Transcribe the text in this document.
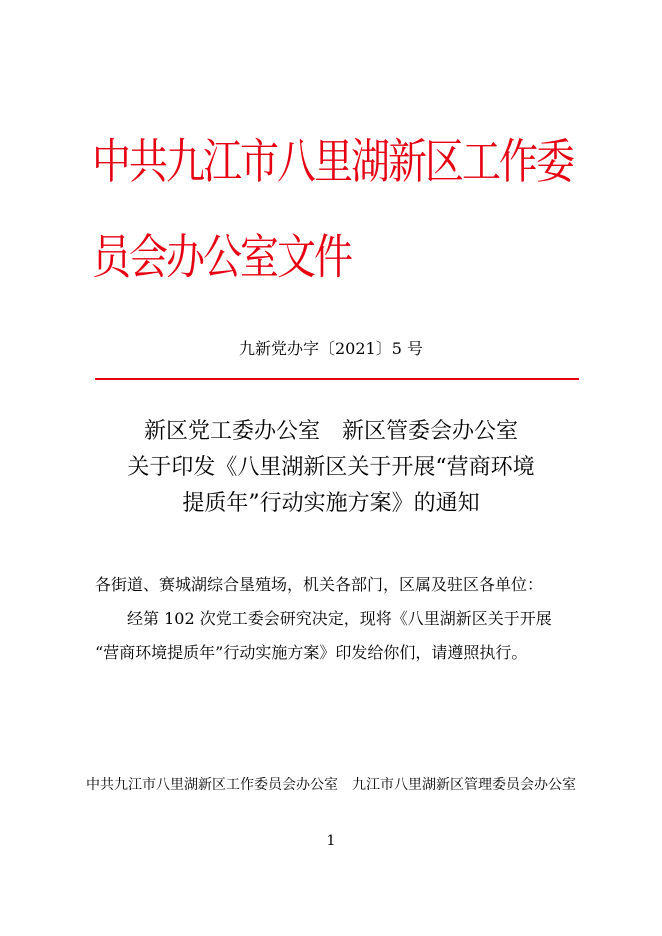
中共九江市八里湖新区工作委员会办公室文件
九新党办字〔2021〕5 号
新区党工委办公室　新区管委会办公室
关于印发《八里湖新区关于开展“营商环境
提质年”行动实施方案》的通知

各街道、赛城湖综合垦殖场，机关各部门，区属及驻区各单位：

经第 102 次党工委会研究决定，现将《八里湖新区关于开展

“营商环境提质年”行动实施方案》印发给你们，请遵照执行。

中共九江市八里湖新区工作委员会办公室　九江市八里湖新区管理委员会办公室
1
